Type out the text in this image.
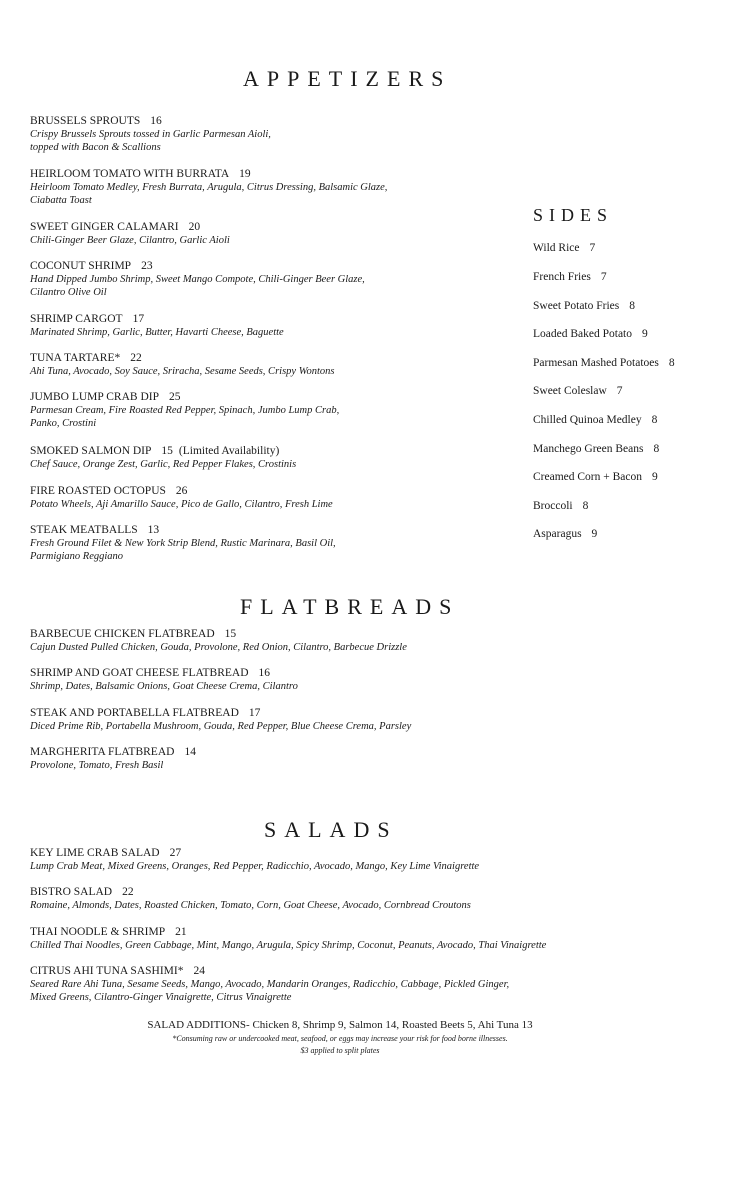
APPETIZERS
BRUSSELS SPROUTS 16
Crispy Brussels Sprouts tossed in Garlic Parmesan Aioli,
topped with Bacon & Scallions
HEIRLOOM TOMATO WITH BURRATA 19
Heirloom Tomato Medley, Fresh Burrata, Arugula, Citrus Dressing, Balsamic Glaze,
Ciabatta Toast
SWEET GINGER CALAMARI 20
Chili-Ginger Beer Glaze, Cilantro, Garlic Aioli
COCONUT SHRIMP 23
Hand Dipped Jumbo Shrimp, Sweet Mango Compote, Chili-Ginger Beer Glaze,
Cilantro Olive Oil
SHRIMP CARGOT 17
Marinated Shrimp, Garlic, Butter, Havarti Cheese, Baguette
TUNA TARTARE* 22
Ahi Tuna, Avocado, Soy Sauce, Sriracha, Sesame Seeds, Crispy Wontons
JUMBO LUMP CRAB DIP 25
Parmesan Cream, Fire Roasted Red Pepper, Spinach, Jumbo Lump Crab,
Panko, Crostini
SMOKED SALMON DIP 15 (Limited Availability)
Chef Sauce, Orange Zest, Garlic, Red Pepper Flakes, Crostinis
FIRE ROASTED OCTOPUS 26
Potato Wheels, Aji Amarillo Sauce, Pico de Gallo, Cilantro, Fresh Lime
STEAK MEATBALLS 13
Fresh Ground Filet & New York Strip Blend, Rustic Marinara, Basil Oil,
Parmigiano Reggiano
SIDES
Wild Rice 7
French Fries 7
Sweet Potato Fries 8
Loaded Baked Potato 9
Parmesan Mashed Potatoes 8
Sweet Coleslaw 7
Chilled Quinoa Medley 8
Manchego Green Beans 8
Creamed Corn + Bacon 9
Broccoli 8
Asparagus 9
FLATBREADS
BARBECUE CHICKEN FLATBREAD 15
Cajun Dusted Pulled Chicken, Gouda, Provolone, Red Onion, Cilantro, Barbecue Drizzle
SHRIMP AND GOAT CHEESE FLATBREAD 16
Shrimp, Dates, Balsamic Onions, Goat Cheese Crema, Cilantro
STEAK AND PORTABELLA FLATBREAD 17
Diced Prime Rib, Portabella Mushroom, Gouda, Red Pepper, Blue Cheese Crema, Parsley
MARGHERITA FLATBREAD 14
Provolone, Tomato, Fresh Basil
SALADS
KEY LIME CRAB SALAD 27
Lump Crab Meat, Mixed Greens, Oranges, Red Pepper, Radicchio, Avocado, Mango, Key Lime Vinaigrette
BISTRO SALAD 22
Romaine, Almonds, Dates, Roasted Chicken, Tomato, Corn, Goat Cheese, Avocado, Cornbread Croutons
THAI NOODLE & SHRIMP 21
Chilled Thai Noodles, Green Cabbage, Mint, Mango, Arugula, Spicy Shrimp, Coconut, Peanuts, Avocado, Thai Vinaigrette
CITRUS AHI TUNA SASHIMI* 24
Seared Rare Ahi Tuna, Sesame Seeds, Mango, Avocado, Mandarin Oranges, Radicchio, Cabbage, Pickled Ginger,
Mixed Greens, Cilantro-Ginger Vinaigrette, Citrus Vinaigrette
SALAD ADDITIONS- Chicken 8, Shrimp 9, Salmon 14, Roasted Beets 5, Ahi Tuna 13
*Consuming raw or undercooked meat, seafood, or eggs may increase your risk for food borne illnesses.
$3 applied to split plates
